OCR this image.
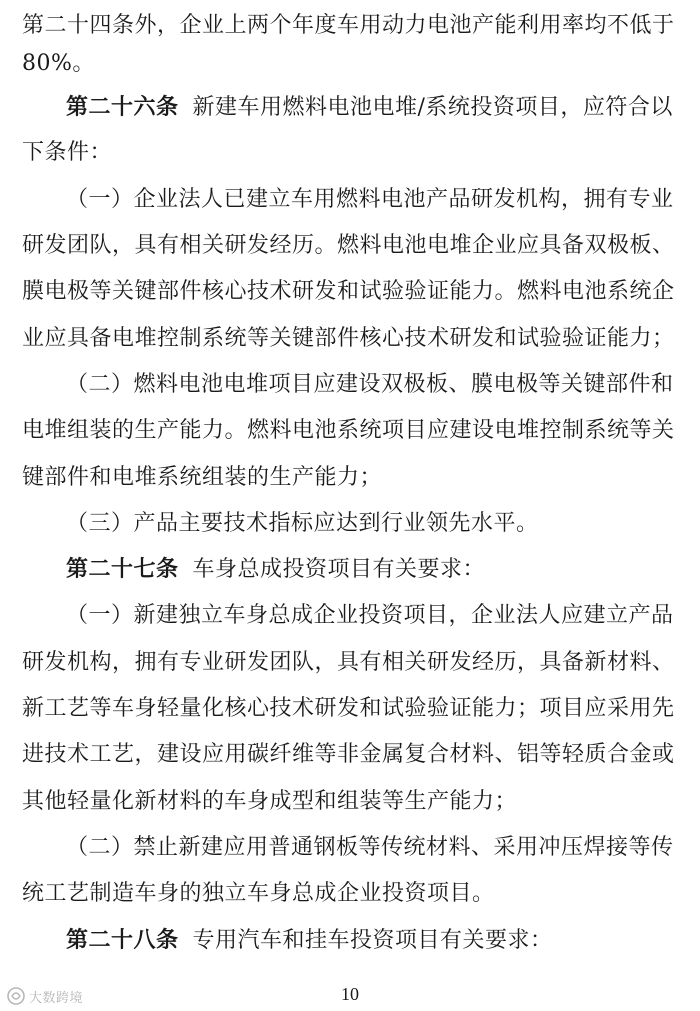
第二十四条外，企业上两个年度车用动力电池产能利用率均不低于
80%。
第二十六条 新建车用燃料电池电堆/系统投资项目，应符合以
下条件：
（一）企业法人已建立车用燃料电池产品研发机构，拥有专业
研发团队，具有相关研发经历。燃料电池电堆企业应具备双极板、
膜电极等关键部件核心技术研发和试验验证能力。燃料电池系统企
业应具备电堆控制系统等关键部件核心技术研发和试验验证能力；
（二）燃料电池电堆项目应建设双极板、膜电极等关键部件和
电堆组装的生产能力。燃料电池系统项目应建设电堆控制系统等关
键部件和电堆系统组装的生产能力；
（三）产品主要技术指标应达到行业领先水平。
第二十七条 车身总成投资项目有关要求：
（一）新建独立车身总成企业投资项目，企业法人应建立产品
研发机构，拥有专业研发团队，具有相关研发经历，具备新材料、
新工艺等车身轻量化核心技术研发和试验验证能力；项目应采用先
进技术工艺，建设应用碳纤维等非金属复合材料、铝等轻质合金或
其他轻量化新材料的车身成型和组装等生产能力；
（二）禁止新建应用普通钢板等传统材料、采用冲压焊接等传
统工艺制造车身的独立车身总成企业投资项目。
第二十八条 专用汽车和挂车投资项目有关要求：
10
大数跨境
